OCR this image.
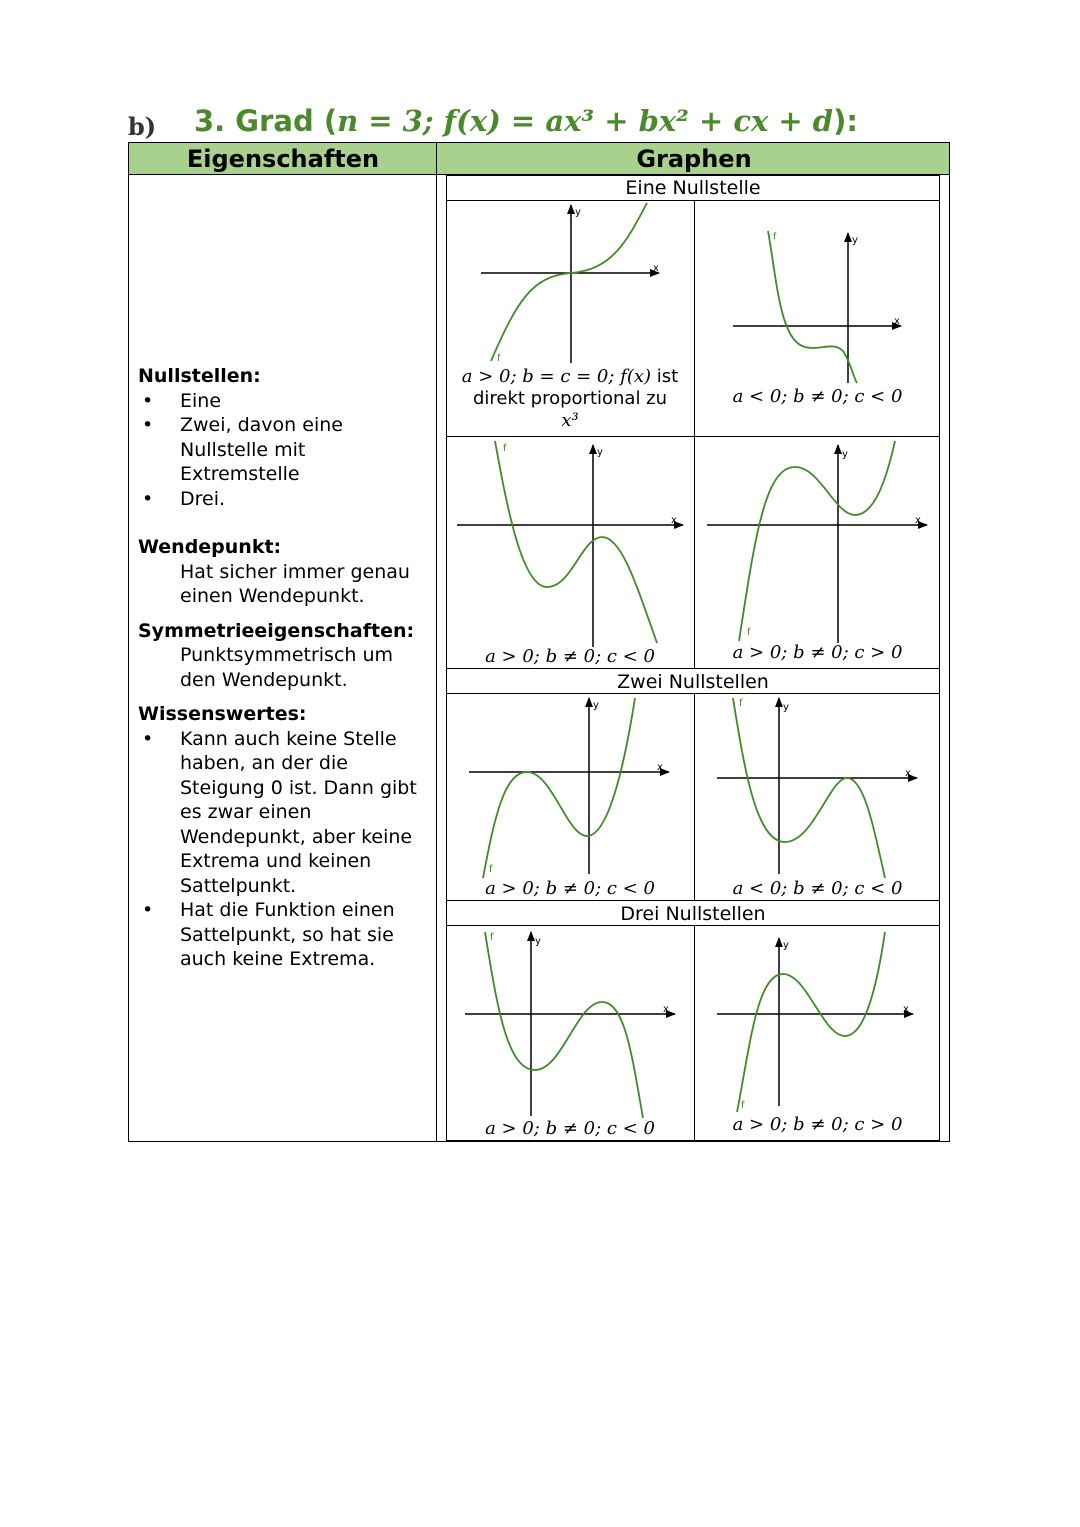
b) 3. Grad (n = 3; f(x) = ax³ + bx² + cx + d):
Eigenschaften	Graphen
Eine Nullstelle
Zwei Nullstellen
Drei Nullstellen
Nullstellen:
• Eine
• Zwei, davon eine Nullstelle mit Extremstelle
• Drei.
Wendepunkt:
Hat sicher immer genau einen Wendepunkt.
Symmetrieeigenschaften:
Punktsymmetrisch um den Wendepunkt.
Wissenswertes:
• Kann auch keine Stelle haben, an der die Steigung 0 ist. Dann gibt es zwar einen Wendepunkt, aber keine Extrema und keinen Sattelpunkt.
• Hat die Funktion einen Sattelpunkt, so hat sie auch keine Extrema.
x
y
f
a > 0; b = c = 0; f(x) ist
direkt proportional zu
x³
x
y
f
a < 0; b ≠ 0; c < 0
x
y
f
a > 0; b ≠ 0; c < 0
x
y
f
a > 0; b ≠ 0; c > 0
x
y
f
a > 0; b ≠ 0; c < 0
x
y
f
a < 0; b ≠ 0; c < 0
x
y
f
a > 0; b ≠ 0; c < 0
x
y
f
a > 0; b ≠ 0; c > 0
